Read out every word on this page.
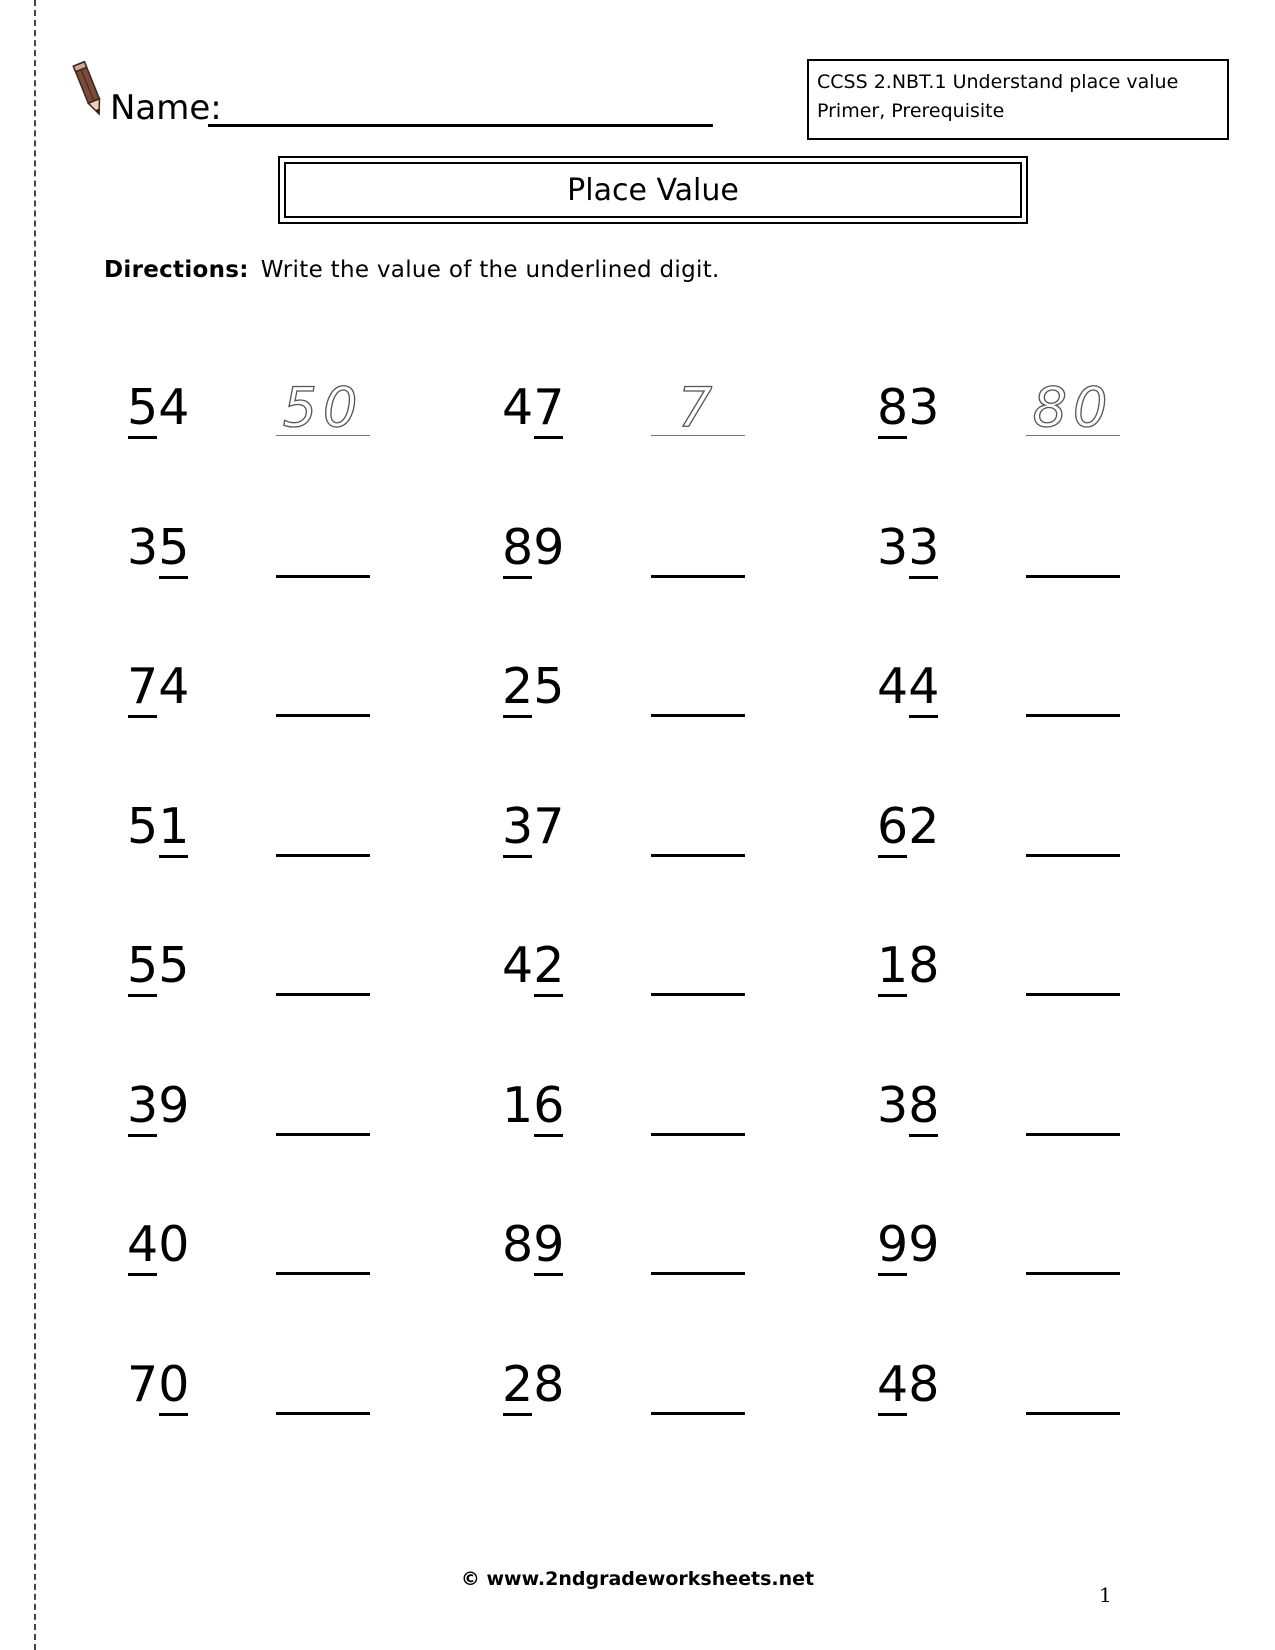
Name:
CCSS 2.NBT.1 Understand place value
Primer, Prerequisite
Place Value
Directions: Write the value of the underlined digit.
54 50	47	7	83 80
35	89	33
74	25	44
51	37	62
55	42	18
39	16	38
40	89	99
70	28	48
© www.2ndgradeworksheets.net
1
